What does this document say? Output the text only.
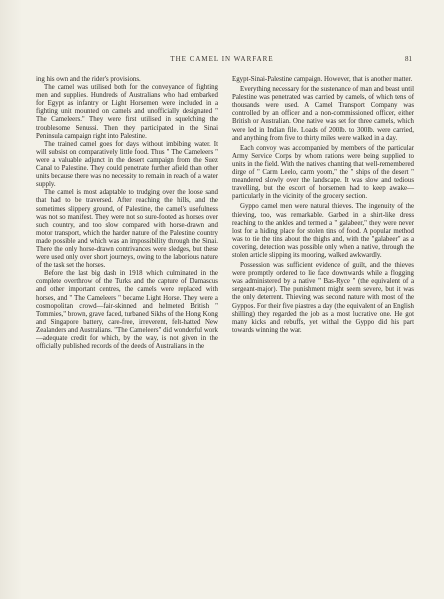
THE CAMEL IN WARFARE	81

ing his own and the rider's provisions.

The camel was utilised both for the conveyance of fighting men and supplies. Hundreds of Australians who had embarked for Egypt as infantry or Light Horsemen were included in a fighting unit mounted on camels and unofficially designated " The Cameleers." They were first utilised in squelching the troublesome Senussi. Then they participated in the Sinai Peninsula campaign right into Palestine.

The trained camel goes for days without imbibing water. It will subsist on comparatively little food. Thus " The Cameleers " were a valuable adjunct in the desert campaign from the Suez Canal to Palestine. They could penetrate further afield than other units because there was no necessity to remain in reach of a water supply.

The camel is most adaptable to trudging over the loose sand that had to be traversed. After reaching the hills, and the sometimes slippery ground, of Palestine, the camel's usefulness was not so manifest. They were not so sure-footed as horses over such country, and too slow compared with horse-drawn and motor transport, which the harder nature of the Palestine country made possible and which was an impossibility through the Sinai. There the only horse-drawn contrivances were sledges, but these were used only over short journeys, owing to the laborious nature of the task set the horses.

Before the last big dash in 1918 which culminated in the complete overthrow of the Turks and the capture of Damascus and other important centres, the camels were replaced with horses, and " The Cameleers " became Light Horse. They were a cosmopolitan crowd—fair-skinned and helmeted British " Tommies," brown, grave faced, turbaned Sikhs of the Hong Kong and Singapore battery, care-free, irreverent, felt-hatted New Zealanders and Australians. "The Cameleers" did wonderful work —adequate credit for which, by the way, is not given in the officially published records of the deeds of Australians in the

Egypt-Sinai-Palestine campaign. However, that is another matter.

Everything necessary for the sustenance of man and beast until Palestine was penetrated was carried by camels, of which tens of thousands were used. A Camel Transport Company was controlled by an officer and a non-commissioned officer, either British or Australian. One native was set for three camels, which were led in Indian file. Loads of 200lb. to 300lb. were carried, and anything from five to thirty miles were walked in a day.

Each convoy was accompanied by members of the particular Army Service Corps by whom rations were being supplied to units in the field. With the natives chanting that well-remembered dirge of " Carm Leelo, carm yoom," the " ships of the desert " meandered slowly over the landscape. It was slow and tedious travelling, but the escort of horsemen had to keep awake—particularly in the vicinity of the grocery section.

Gyppo camel men were natural thieves. The ingenuity of the thieving, too, was remarkable. Garbed in a shirt-like dress reaching to the ankles and termed a " galabeer," they were never lost for a hiding place for stolen tins of food. A popular method was to tie the tins about the thighs and, with the "galabeer" as a covering, detection was possible only when a native, through the stolen article slipping its mooring, walked awkwardly.

Possession was sufficient evidence of guilt, and the thieves were promptly ordered to lie face downwards while a flogging was administered by a native " Bas-Ryce " (the equivalent of a sergeant-major). The punishment might seem severe, but it was the only deterrent. Thieving was second nature with most of the Gyppos. For their five piastres a day (the equivalent of an English shilling) they regarded the job as a most lucrative one. He got many kicks and rebuffs, yet withal the Gyppo did his part towards winning the war.
